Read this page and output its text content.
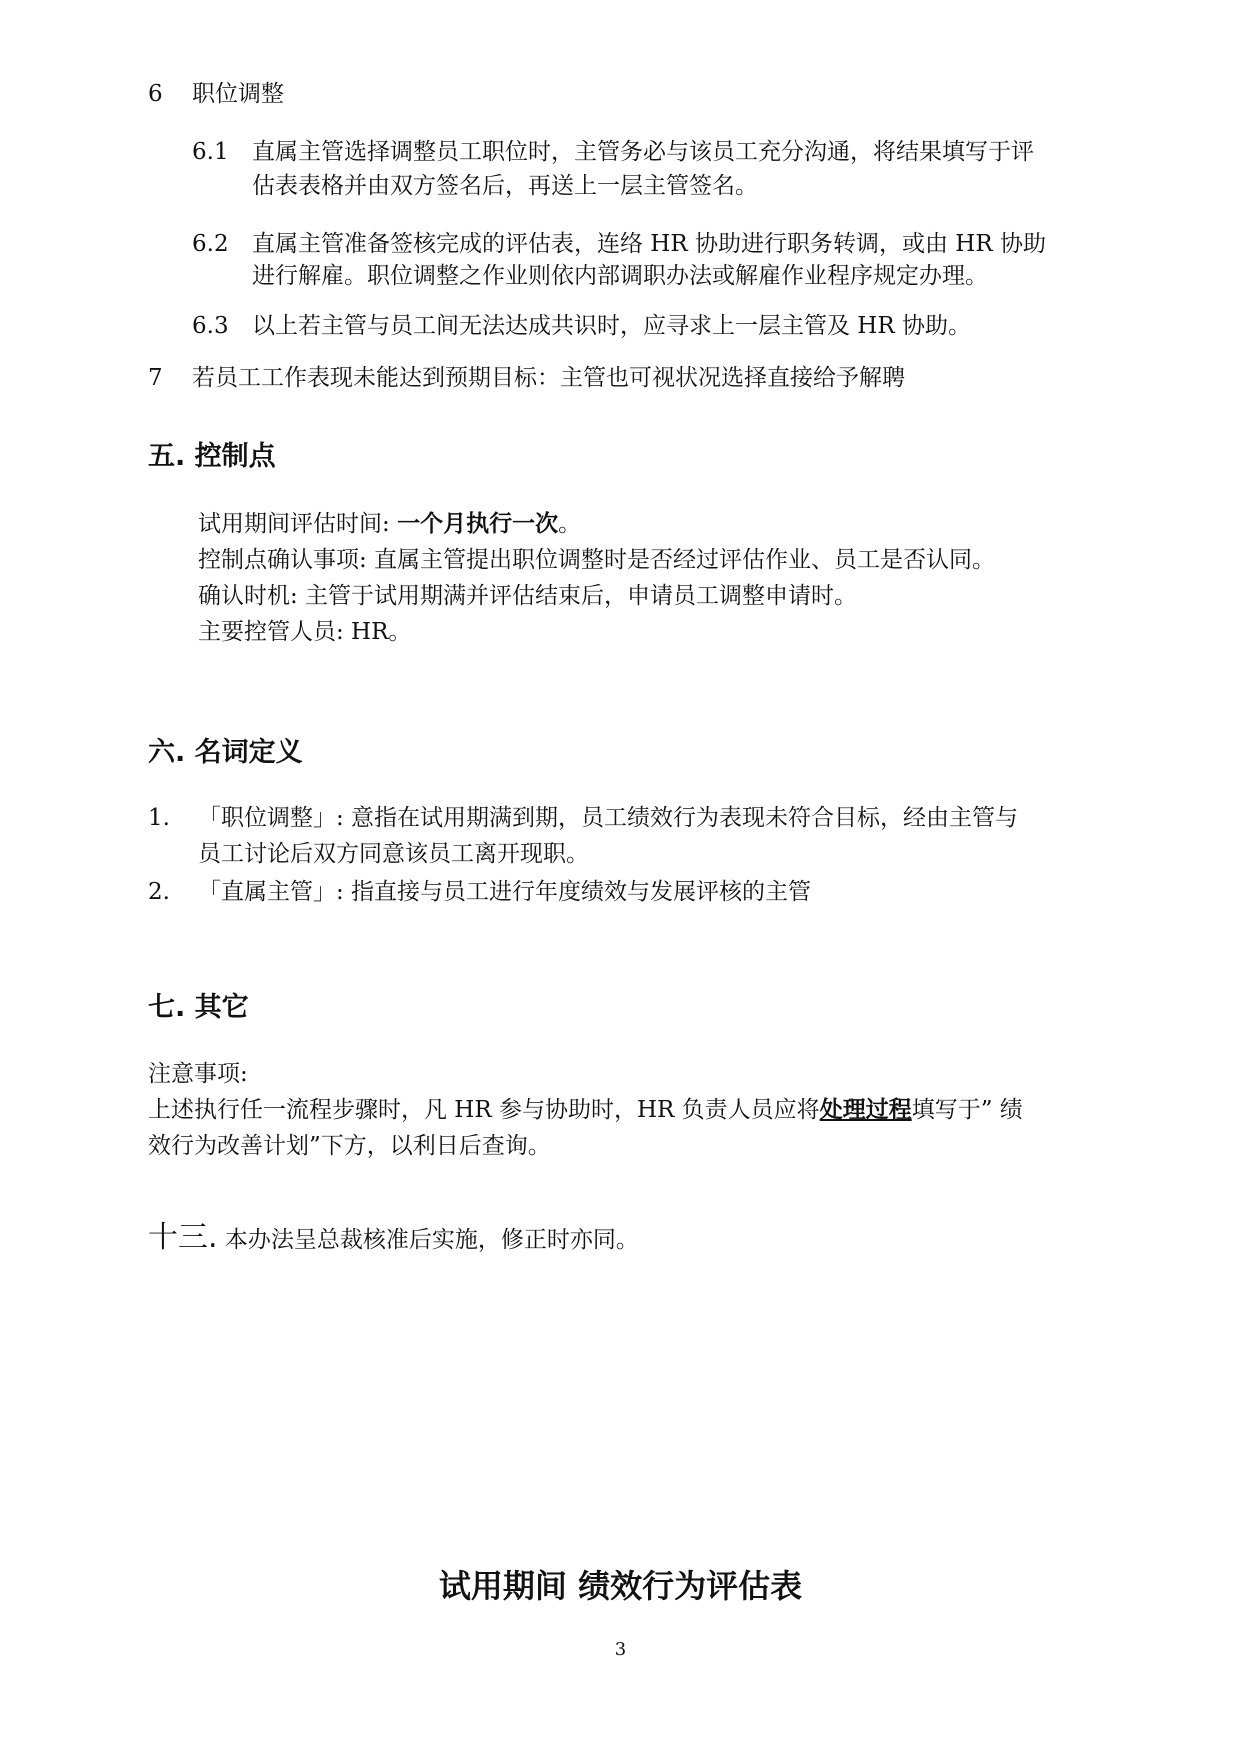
6 职位调整
6.1 直属主管选择调整员工职位时，主管务必与该员工充分沟通，将结果填写于评
估表表格并由双方签名后，再送上一层主管签名。
6.2 直属主管准备签核完成的评估表，连络 HR 协助进行职务转调，或由 HR 协助
进行解雇。职位调整之作业则依内部调职办法或解雇作业程序规定办理。
6.3 以上若主管与员工间无法达成共识时，应寻求上一层主管及 HR 协助。
7 若员工工作表现未能达到预期目标：主管也可视状况选择直接给予解聘
五. 控制点
试用期间评估时间: 一个月执行一次。
控制点确认事项: 直属主管提出职位调整时是否经过评估作业、员工是否认同。
确认时机: 主管于试用期满并评估结束后，申请员工调整申请时。
主要控管人员: HR。
六. 名词定义
1. 「职位调整」: 意指在试用期满到期，员工绩效行为表现未符合目标，经由主管与
员工讨论后双方同意该员工离开现职。
2. 「直属主管」: 指直接与员工进行年度绩效与发展评核的主管
七. 其它
注意事项:
上述执行任一流程步骤时，凡 HR 参与协助时，HR 负责人员应将处理过程填写于” 绩
效行为改善计划”下方，以利日后查询。
十三. 本办法呈总裁核准后实施，修正时亦同。
试用期间 绩效行为评估表
3
